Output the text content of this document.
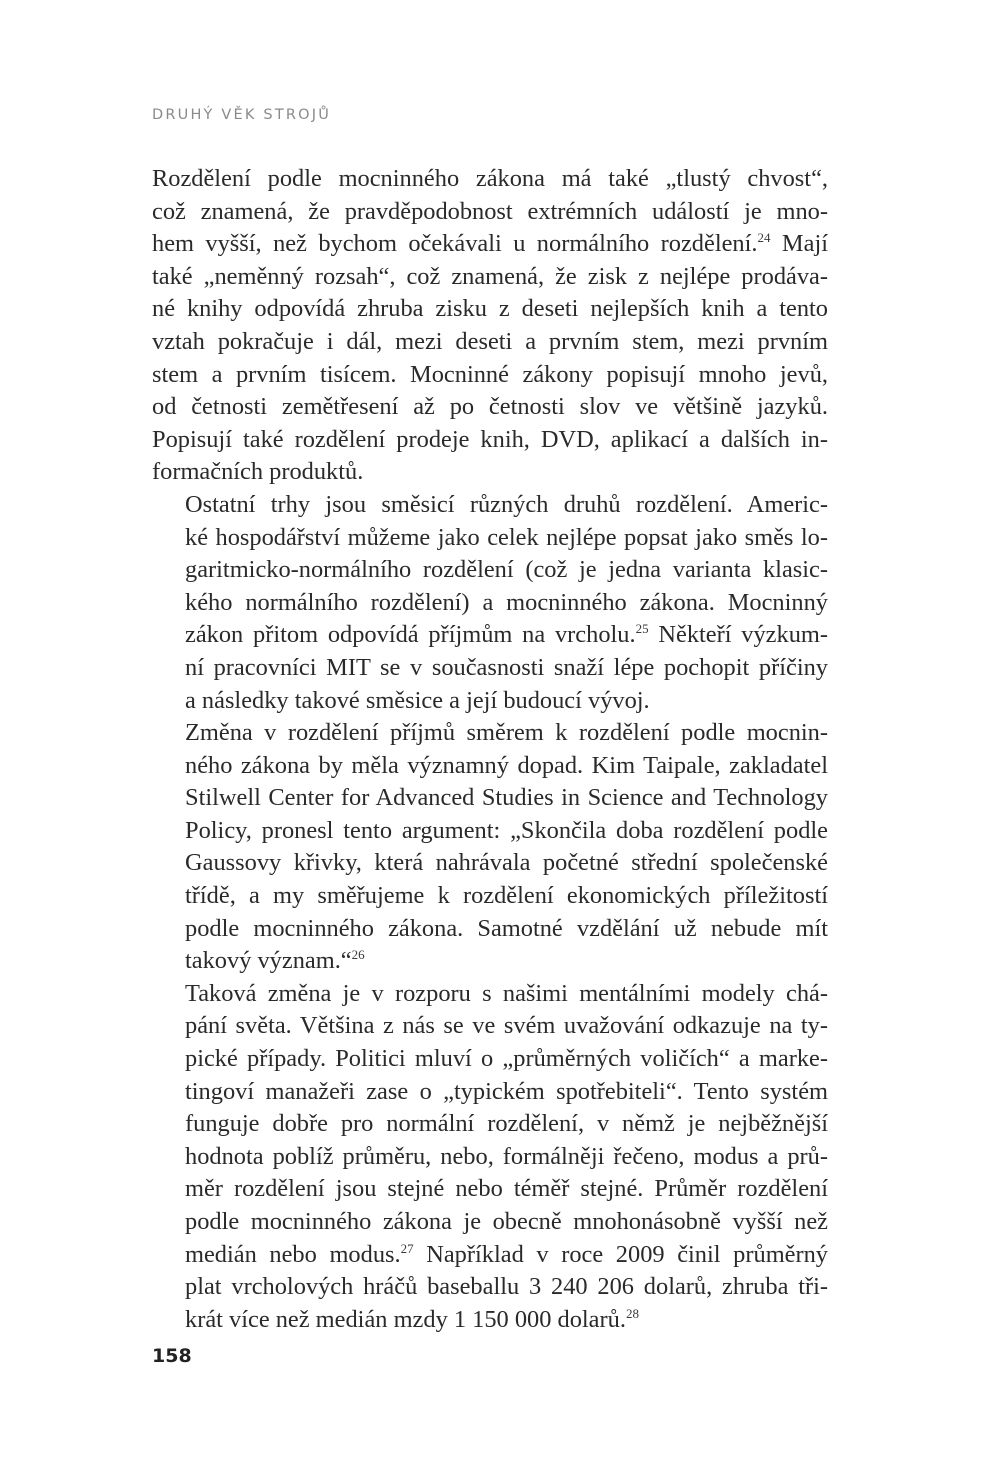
DRUHÝ VĚK STROJŮ

Rozdělení podle mocninného zákona má také „tlustý chvost“,
což znamená, že pravděpodobnost extrémních událostí je mno-
hem vyšší, než bychom očekávali u normálního rozdělení.$^{24}$ Mají
také „neměnný rozsah“, což znamená, že zisk z nejlépe prodáva-
né knihy odpovídá zhruba zisku z deseti nejlepších knih a tento
vztah pokračuje i dál, mezi deseti a prvním stem, mezi prvním
stem a prvním tisícem. Mocninné zákony popisují mnoho jevů,
od četnosti zemětřesení až po četnosti slov ve většině jazyků.
Popisují také rozdělení prodeje knih, DVD, aplikací a dalších in-
formačních produktů.

Ostatní trhy jsou směsicí různých druhů rozdělení. Americ-
ké hospodářství můžeme jako celek nejlépe popsat jako směs lo-
garitmicko-normálního rozdělení (což je jedna varianta klasic-
kého normálního rozdělení) a mocninného zákona. Mocninný
zákon přitom odpovídá příjmům na vrcholu.$^{25}$ Někteří výzkum-
ní pracovníci MIT se v současnosti snaží lépe pochopit příčiny
a následky takové směsice a její budoucí vývoj.

Změna v rozdělení příjmů směrem k rozdělení podle mocnin-
ného zákona by měla významný dopad. Kim Taipale, zakladatel
Stilwell Center for Advanced Studies in Science and Technology
Policy, pronesl tento argument: „Skončila doba rozdělení podle
Gaussovy křivky, která nahrávala početné střední společenské
třídě, a my směřujeme k rozdělení ekonomických příležitostí
podle mocninného zákona. Samotné vzdělání už nebude mít
takový význam.“$^{26}$

Taková změna je v rozporu s našimi mentálními modely chá-
pání světa. Většina z nás se ve svém uvažování odkazuje na ty-
pické případy. Politici mluví o „průměrných voličích“ a marke-
tingoví manažeři zase o „typickém spotřebiteli“. Tento systém
funguje dobře pro normální rozdělení, v němž je nejběžnější
hodnota poblíž průměru, nebo, formálněji řečeno, modus a prů-
měr rozdělení jsou stejné nebo téměř stejné. Průměr rozdělení
podle mocninného zákona je obecně mnohonásobně vyšší než
medián nebo modus.$^{27}$ Například v roce 2009 činil průměrný
plat vrcholových hráčů baseballu 3 240 206 dolarů, zhruba tři-
krát více než medián mzdy 1 150 000 dolarů.$^{28}$

158
